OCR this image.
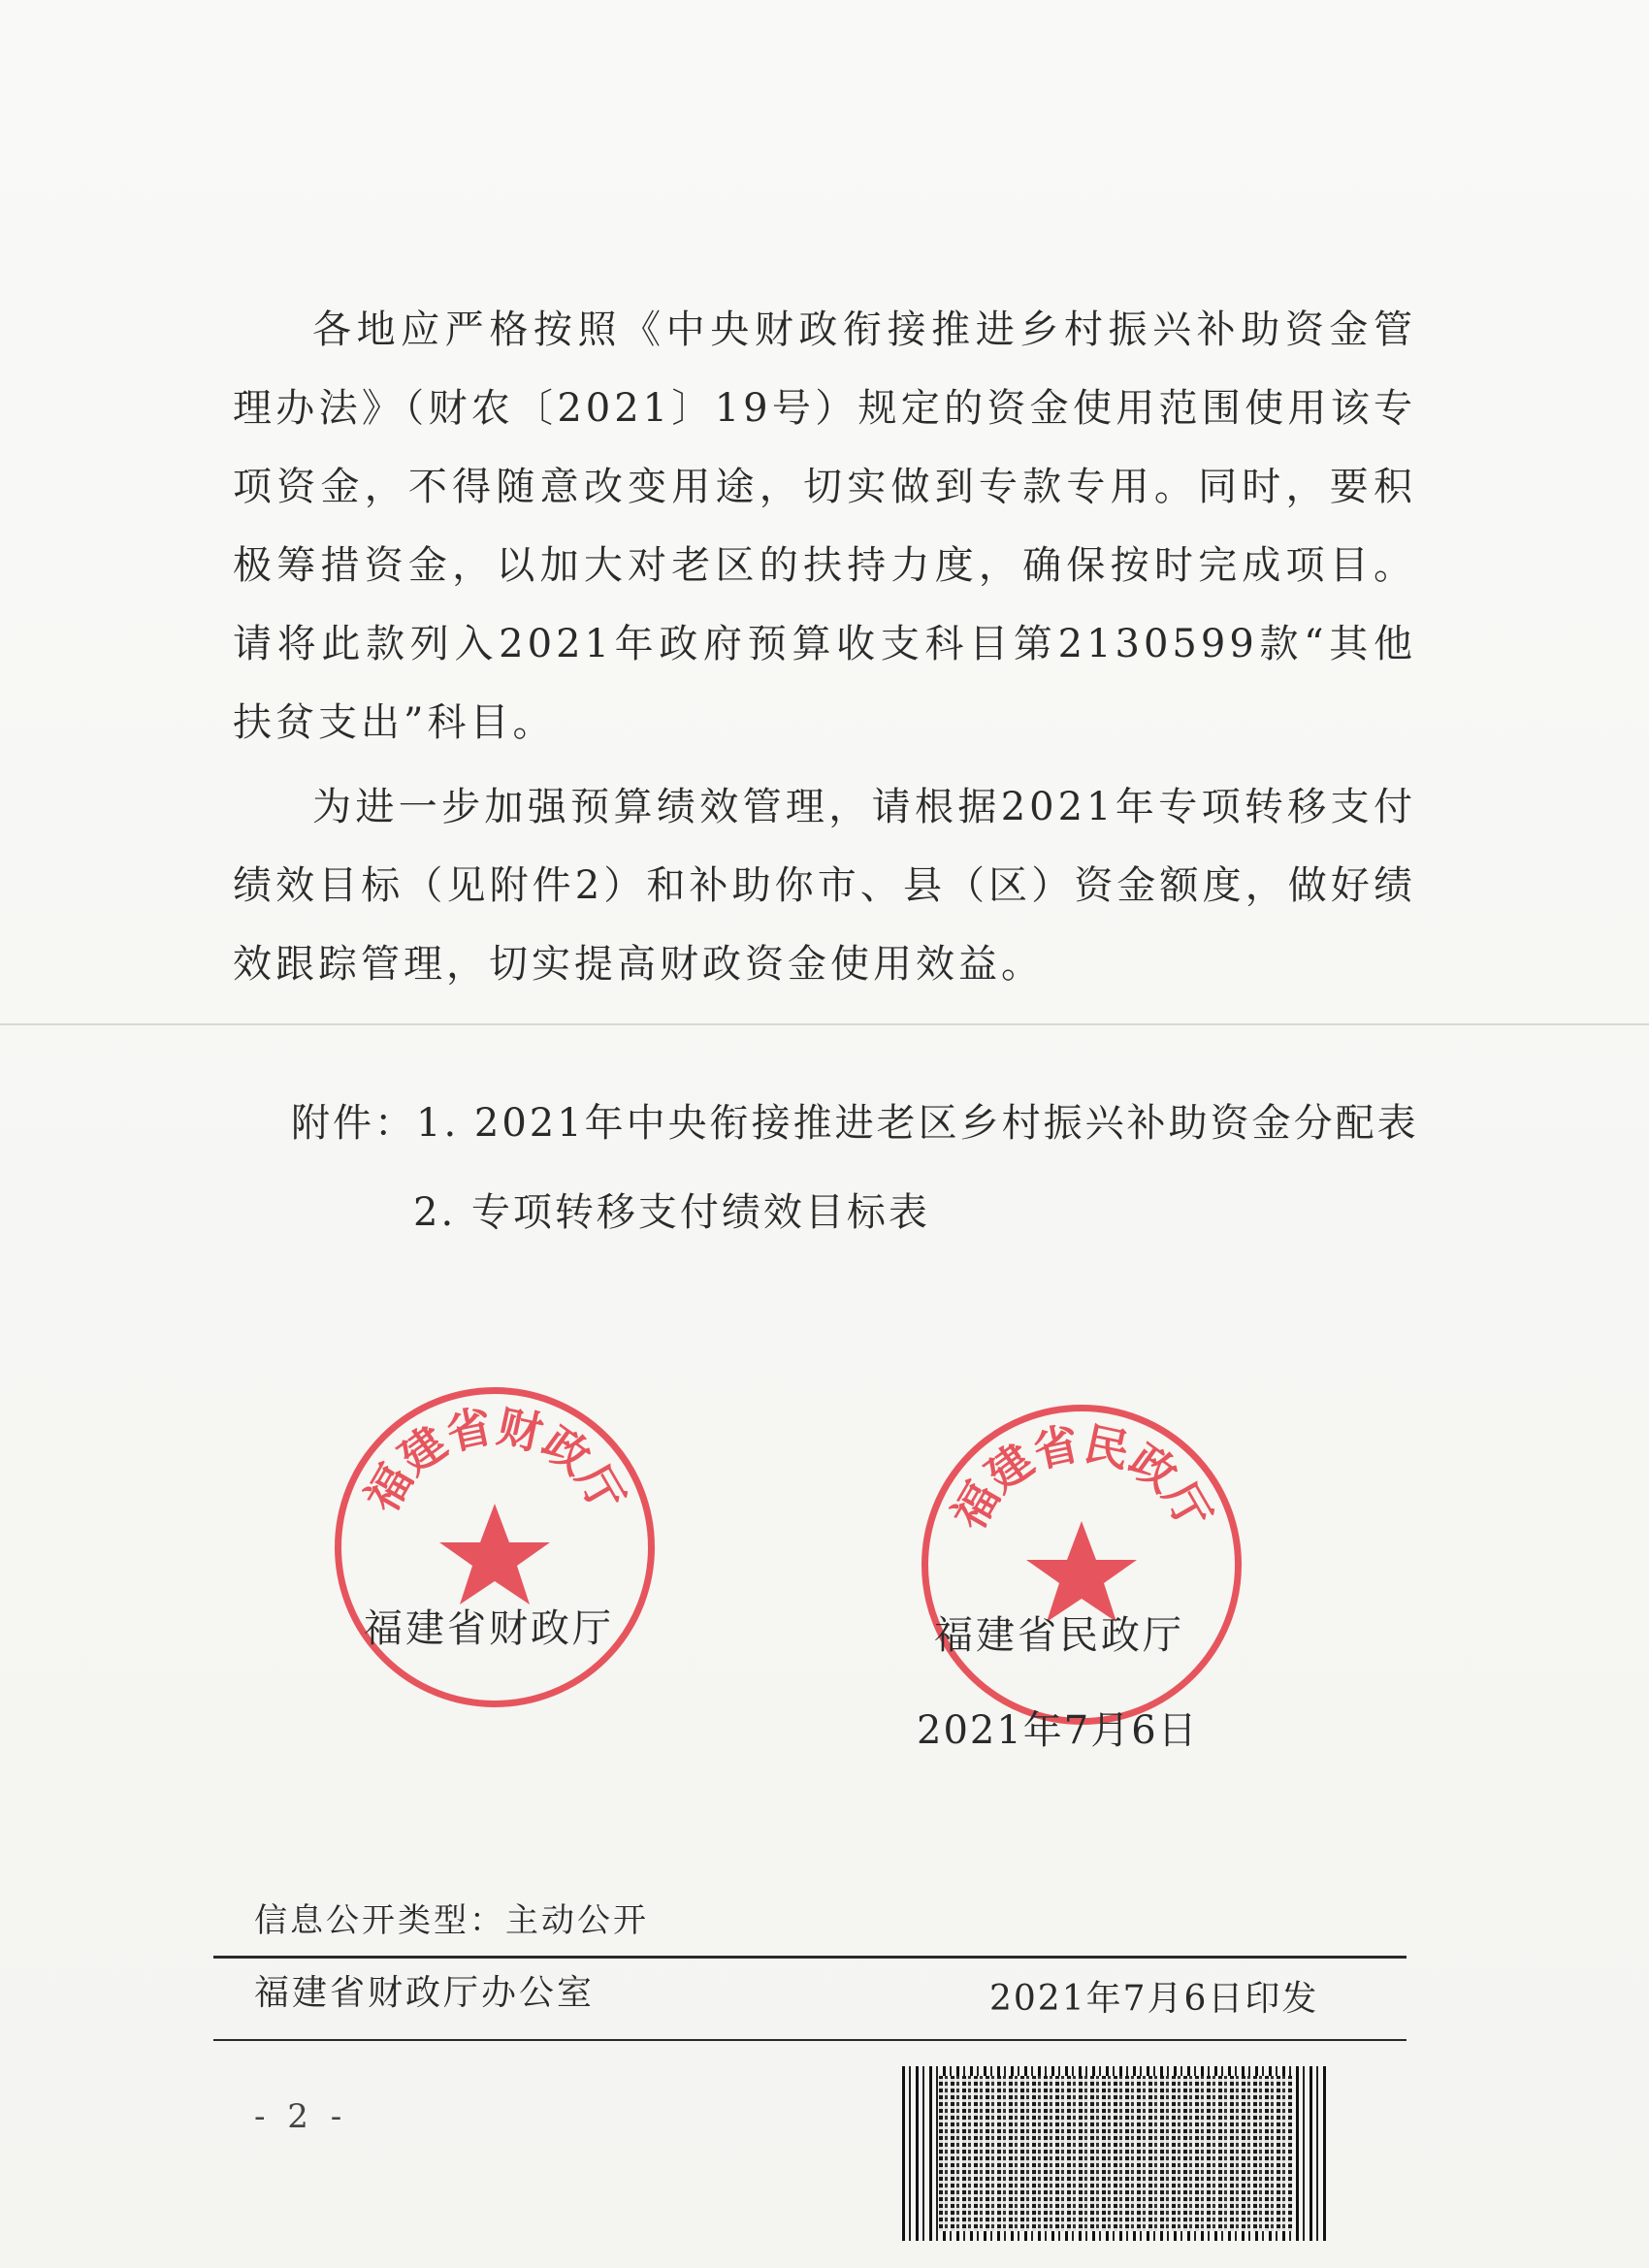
各地应严格按照《中央财政衔接推进乡村振兴补助资金管理办法》（财农〔2021〕19号）规定的资金使用范围使用该专项资金，不得随意改变用途，切实做到专款专用。同时，要积极筹措资金，以加大对老区的扶持力度，确保按时完成项目。请将此款列入2021年政府预算收支科目第2130599款“其他扶贫支出”科目。

为进一步加强预算绩效管理，请根据2021年专项转移支付绩效目标（见附件2）和补助你市、县（区）资金额度，做好绩效跟踪管理，切实提高财政资金使用效益。

附件：1. 2021年中央衔接推进老区乡村振兴补助资金分配表
2. 专项转移支付绩效目标表
福建省财政厅	福建省民政厅
福建省财政厅	福建省民政厅
2021年7月6日
信息公开类型：主动公开
福建省财政厅办公室	2021年7月6日印发
- 2 -
